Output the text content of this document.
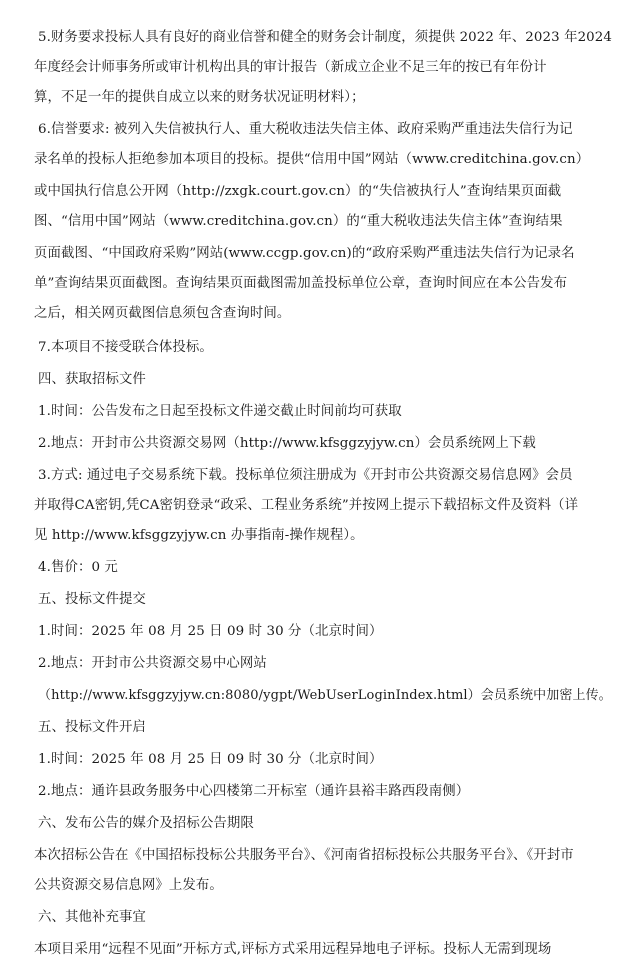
5.财务要求投标人具有良好的商业信誉和健全的财务会计制度，须提供 2022 年、2023 年2024
年度经会计师事务所或审计机构出具的审计报告（新成立企业不足三年的按已有年份计
算，不足一年的提供自成立以来的财务状况证明材料）；
6.信誉要求: 被列入失信被执行人、重大税收违法失信主体、政府采购严重违法失信行为记
录名单的投标人拒绝参加本项目的投标。提供“信用中国”网站（www.creditchina.gov.cn）
或中国执行信息公开网（http://zxgk.court.gov.cn）的“失信被执行人”查询结果页面截
图、“信用中国”网站（www.creditchina.gov.cn）的“重大税收违法失信主体”查询结果
页面截图、“中国政府采购”网站(www.ccgp.gov.cn)的“政府采购严重违法失信行为记录名
单”查询结果页面截图。查询结果页面截图需加盖投标单位公章，查询时间应在本公告发布
之后，相关网页截图信息须包含查询时间。
7.本项目不接受联合体投标。
四、获取招标文件
1.时间：公告发布之日起至投标文件递交截止时间前均可获取
2.地点：开封市公共资源交易网（http://www.kfsggzyjyw.cn）会员系统网上下载
3.方式: 通过电子交易系统下载。投标单位须注册成为《开封市公共资源交易信息网》会员
并取得CA密钥,凭CA密钥登录“政采、工程业务系统”并按网上提示下载招标文件及资料（详
见 http://www.kfsggzyjyw.cn 办事指南-操作规程）。
4.售价：0 元
五、投标文件提交
1.时间：2025 年 08 月 25 日 09 时 30 分（北京时间）
2.地点：开封市公共资源交易中心网站
（http://www.kfsggzyjyw.cn:8080/ygpt/WebUserLoginIndex.html）会员系统中加密上传。
五、投标文件开启
1.时间：2025 年 08 月 25 日 09 时 30 分（北京时间）
2.地点：通许县政务服务中心四楼第二开标室（通许县裕丰路西段南侧）
六、发布公告的媒介及招标公告期限
本次招标公告在《中国招标投标公共服务平台》、《河南省招标投标公共服务平台》、《开封市
公共资源交易信息网》上发布。
六、其他补充事宜
本项目采用“远程不见面”开标方式,评标方式采用远程异地电子评标。投标人无需到现场
